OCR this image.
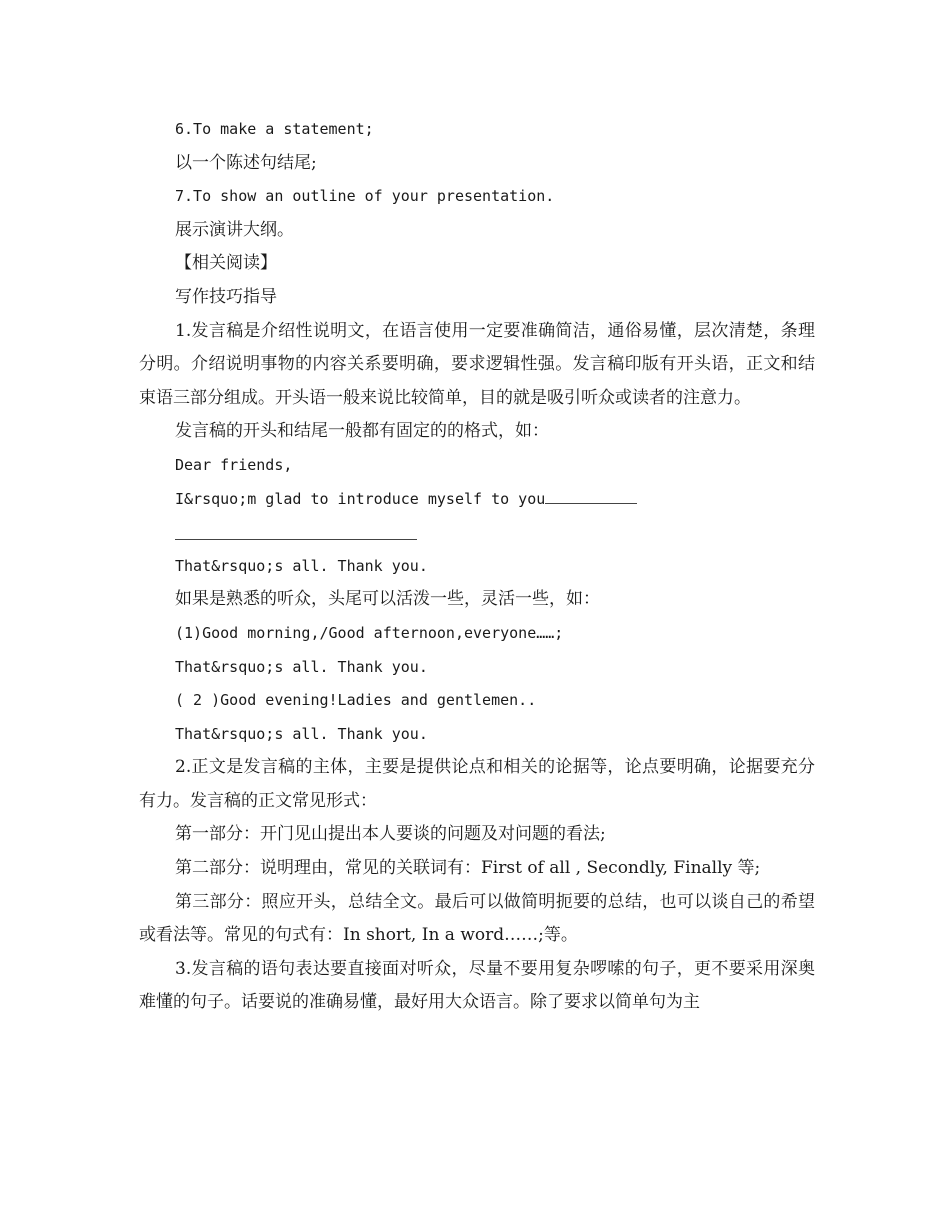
6.To make a statement;
以一个陈述句结尾;
7.To show an outline of your presentation.
展示演讲大纲。
【相关阅读】
写作技巧指导
1.发言稿是介绍性说明文，在语言使用一定要准确简洁，通俗易懂，层次清楚，条理分明。介绍说明事物的内容关系要明确，要求逻辑性强。发言稿印版有开头语，正文和结束语三部分组成。开头语一般来说比较简单，目的就是吸引听众或读者的注意力。
发言稿的开头和结尾一般都有固定的的格式，如：
Dear friends,
I&rsquo;m glad to introduce myself to you
That&rsquo;s all. Thank you.
如果是熟悉的听众，头尾可以活泼一些，灵活一些，如：
(1)Good morning,/Good afternoon,everyone……;
That&rsquo;s all. Thank you.
( 2 )Good evening!Ladies and gentlemen..
That&rsquo;s all. Thank you.
2.正文是发言稿的主体，主要是提供论点和相关的论据等，论点要明确，论据要充分有力。发言稿的正文常见形式：
第一部分：开门见山提出本人要谈的问题及对问题的看法;
第二部分：说明理由，常见的关联词有：First of all , Secondly, Finally 等;
第三部分：照应开头，总结全文。最后可以做简明扼要的总结，也可以谈自己的希望或看法等。常见的句式有：In short, In a word……;等。
3.发言稿的语句表达要直接面对听众，尽量不要用复杂啰嗦的句子，更不要采用深奥难懂的句子。话要说的准确易懂，最好用大众语言。除了要求以简单句为主
